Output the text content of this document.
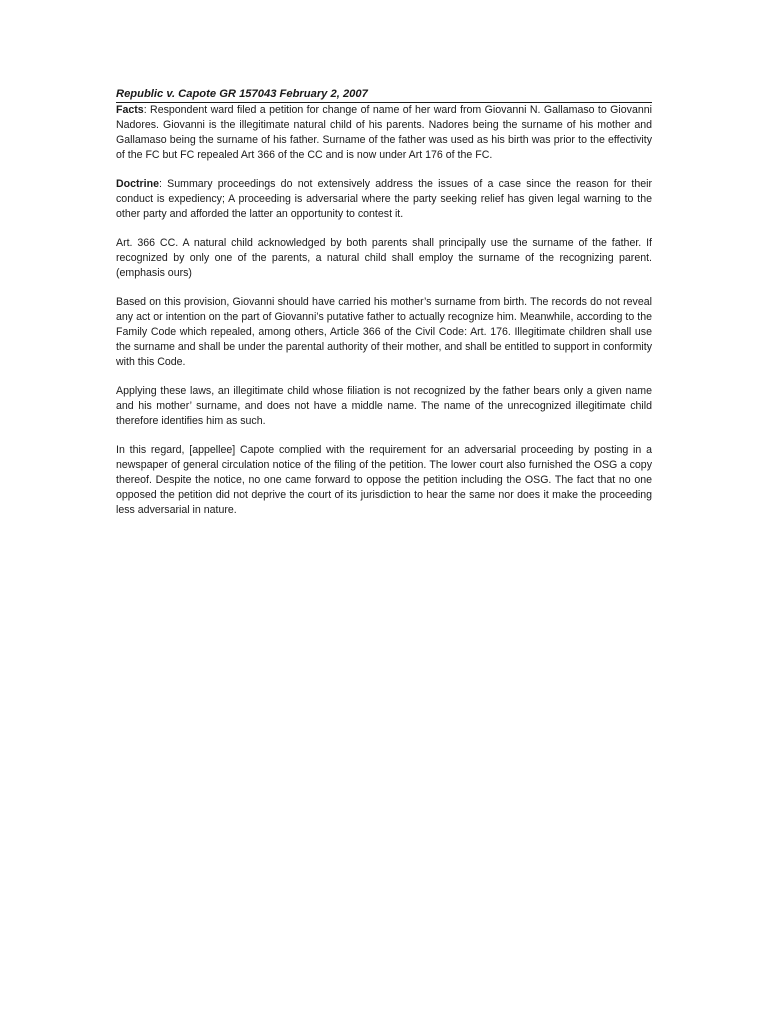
Republic v. Capote GR 157043 February 2, 2007

Facts: Respondent ward filed a petition for change of name of her ward from Giovanni N. Gallamaso to Giovanni Nadores. Giovanni is the illegitimate natural child of his parents. Nadores being the surname of his mother and Gallamaso being the surname of his father. Surname of the father was used as his birth was prior to the effectivity of the FC but FC repealed Art 366 of the CC and is now under Art 176 of the FC.

Doctrine: Summary proceedings do not extensively address the issues of a case since the reason for their conduct is expediency; A proceeding is adversarial where the party seeking relief has given legal warning to the other party and afforded the latter an opportunity to contest it.

Art. 366 CC. A natural child acknowledged by both parents shall principally use the surname of the father. If recognized by only one of the parents, a natural child shall employ the surname of the recognizing parent. (emphasis ours)

Based on this provision, Giovanni should have carried his mother’s surname from birth. The records do not reveal any act or intention on the part of Giovanni’s putative father to actually recognize him. Meanwhile, according to the Family Code which repealed, among others, Article 366 of the Civil Code: Art. 176. Illegitimate children shall use the surname and shall be under the parental authority of their mother, and shall be entitled to support in conformity with this Code.

Applying these laws, an illegitimate child whose filiation is not recognized by the father bears only a given name and his mother’ surname, and does not have a middle name. The name of the unrecognized illegitimate child therefore identifies him as such.

In this regard, [appellee] Capote complied with the requirement for an adversarial proceeding by posting in a newspaper of general circulation notice of the filing of the petition. The lower court also furnished the OSG a copy thereof. Despite the notice, no one came forward to oppose the petition including the OSG. The fact that no one opposed the petition did not deprive the court of its jurisdiction to hear the same nor does it make the proceeding less adversarial in nature.
